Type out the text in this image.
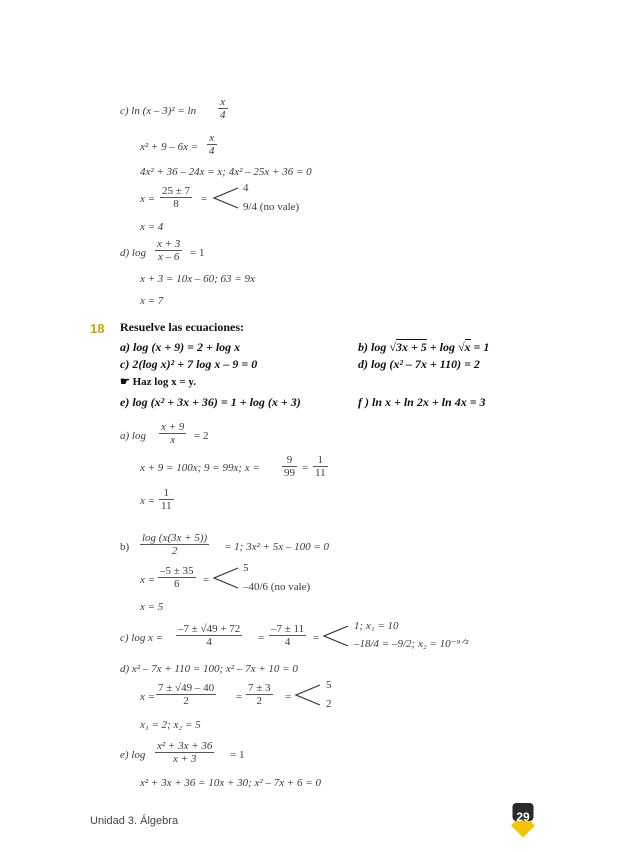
c) $\ln (x - 3)^2 = \ln \frac{x}{4}$
$x^2 + 9 - 6x = \frac{x}{4}$
4x² + 36 – 24x = x; 4x² – 25x + 36 = 0
$x = \frac{25 \pm 7}{8}$ =
4
9/4 (no vale)
x = 4
d) $\log \frac{x + 3}{x - 6} = 1$
x + 3 = 10x – 60; 63 = 9x
x = 7
18 Resuelve las ecuaciones:
a) log (x + 9) = 2 + log x	b) log √3x + 5 + log √x = 1
c) 2(log x)² + 7 log x – 9 = 0	d) log (x² – 7x + 110) = 2
☛ Haz log x = y.
e) log (x² + 3x + 36) = 1 + log (x + 3)	f ) ln x + ln 2x + ln 4x = 3
a) $\log \frac{x + 9}{x} = 2$
x + 9 = 100x; 9 = 99x; $x = \frac{9}{99} = \frac{1}{11}$
$x = \frac{1}{11}$
$b) \frac{\log (x(3x + 5))}{2} = 1$; 3x² + 5x – 100 = 0
$x = \frac{-5 \pm 35}{6}$ =
5
–40/6 (no vale)
x = 5
c) $\log x = \frac{-7 \pm √49 + 72}{4} = \frac{-7 \pm 11}{4}$ =
1; x₁ = 10
–18/4 = –9/2; x₂ = 10⁻⁹ᐟ²
d) x² – 7x + 110 = 100; x² – 7x + 10 = 0
$x = \frac{7 \pm √49 - 40}{2} = \frac{7 \pm 3}{2}$ =
5
2
x₁ = 2; x₂ = 5
e) $\log \frac{\text{x² + 3x + 36}}{x + 3} = 1$
x² + 3x + 36 = 10x + 30; x² – 7x + 6 = 0
Unidad 3. Álgebra	29
